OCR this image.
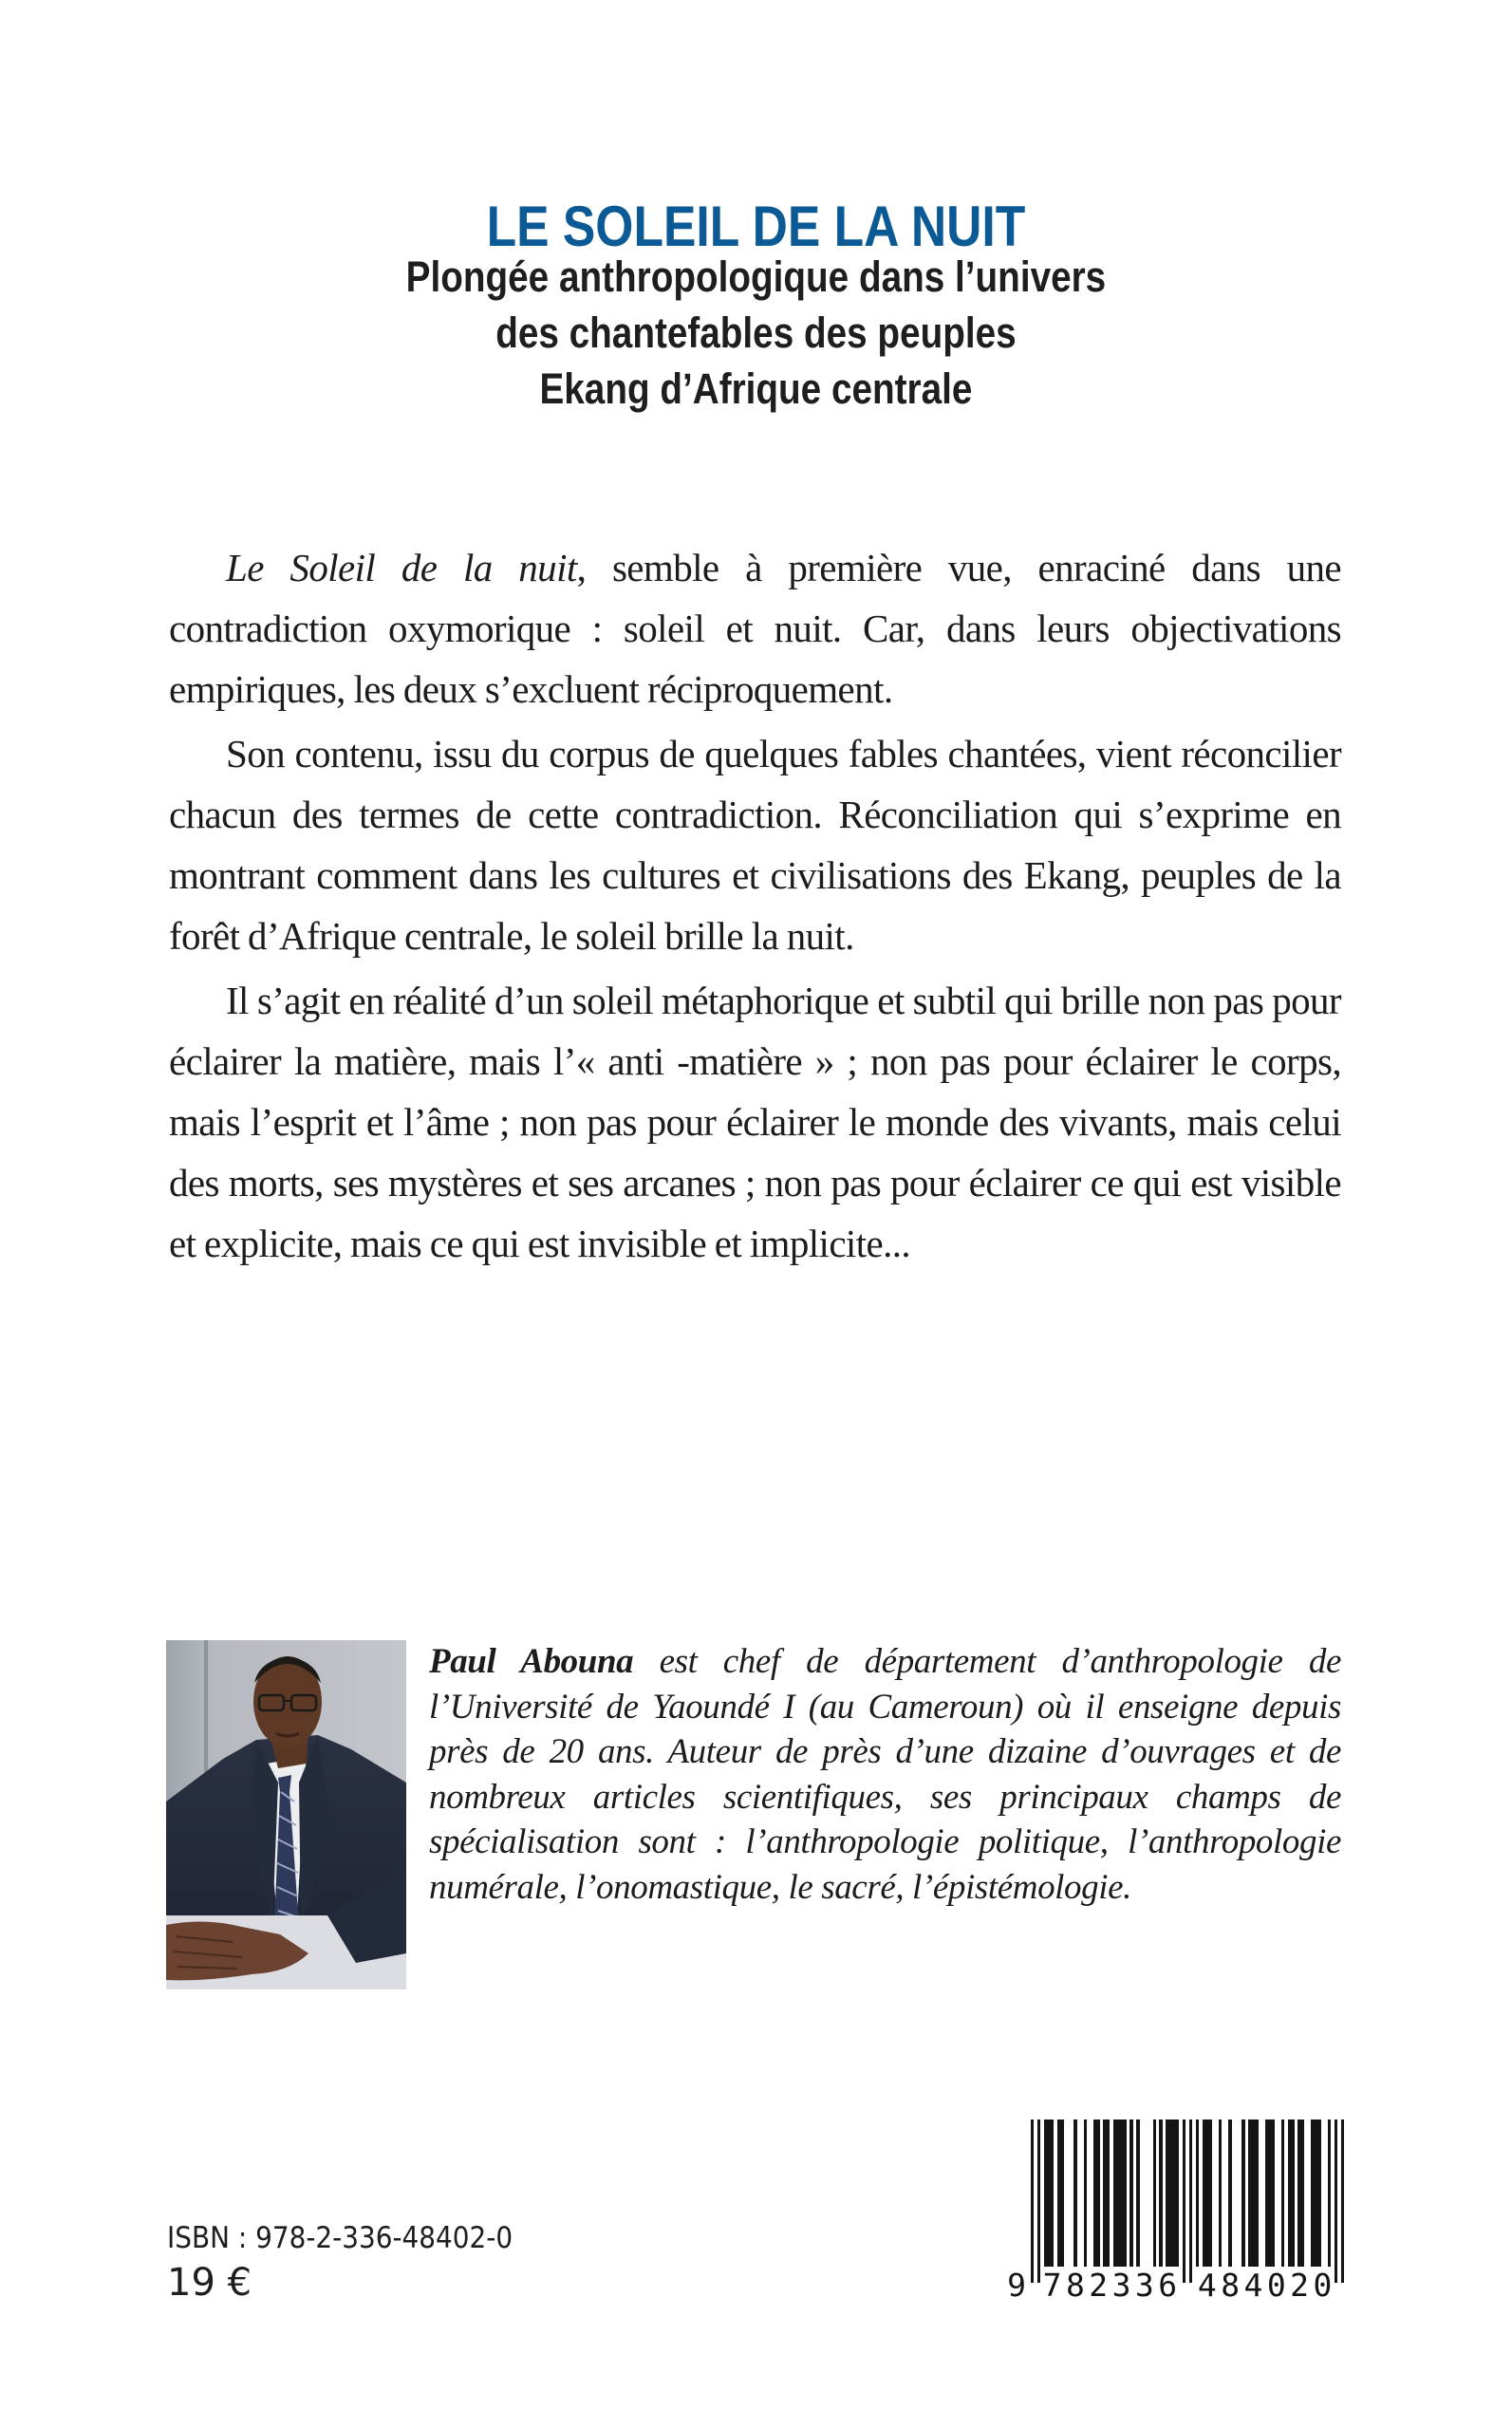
LE SOLEIL DE LA NUIT
Plongée anthropologique dans l’univers
des chantefables des peuples
Ekang d’Afrique centrale

Le Soleil de la nuit, semble à première vue, enraciné dans une contradiction oxymorique : soleil et nuit. Car, dans leurs objectivations empiriques, les deux s’excluent réciproquement.

Son contenu, issu du corpus de quelques fables chantées, vient réconcilier chacun des termes de cette contradiction. Réconciliation qui s’exprime en montrant comment dans les cultures et civilisations des Ekang, peuples de la forêt d’Afrique centrale, le soleil brille la nuit.

Il s’agit en réalité d’un soleil métaphorique et subtil qui brille non pas pour éclairer la matière, mais l’« anti -matière » ; non pas pour éclairer le corps, mais l’esprit et l’âme ; non pas pour éclairer le monde des vivants, mais celui des morts, ses mystères et ses arcanes ; non pas pour éclairer ce qui est visible et explicite, mais ce qui est invisible et implicite...

Paul Abouna est chef de département d’anthropologie de l’Université de Yaoundé I (au Cameroun) où il enseigne depuis près de 20 ans. Auteur de près d’une dizaine d’ouvrages et de nombreux articles scientifiques, ses principaux champs de spécialisation sont : l’anthropologie politique, l’anthropologie numérale, l’onomastique, le sacré, l’épistémologie.
ISBN : 978-2-336-48402-0
19 €	9 7 8 2 3 3 6 4 8 4 0 2 0
